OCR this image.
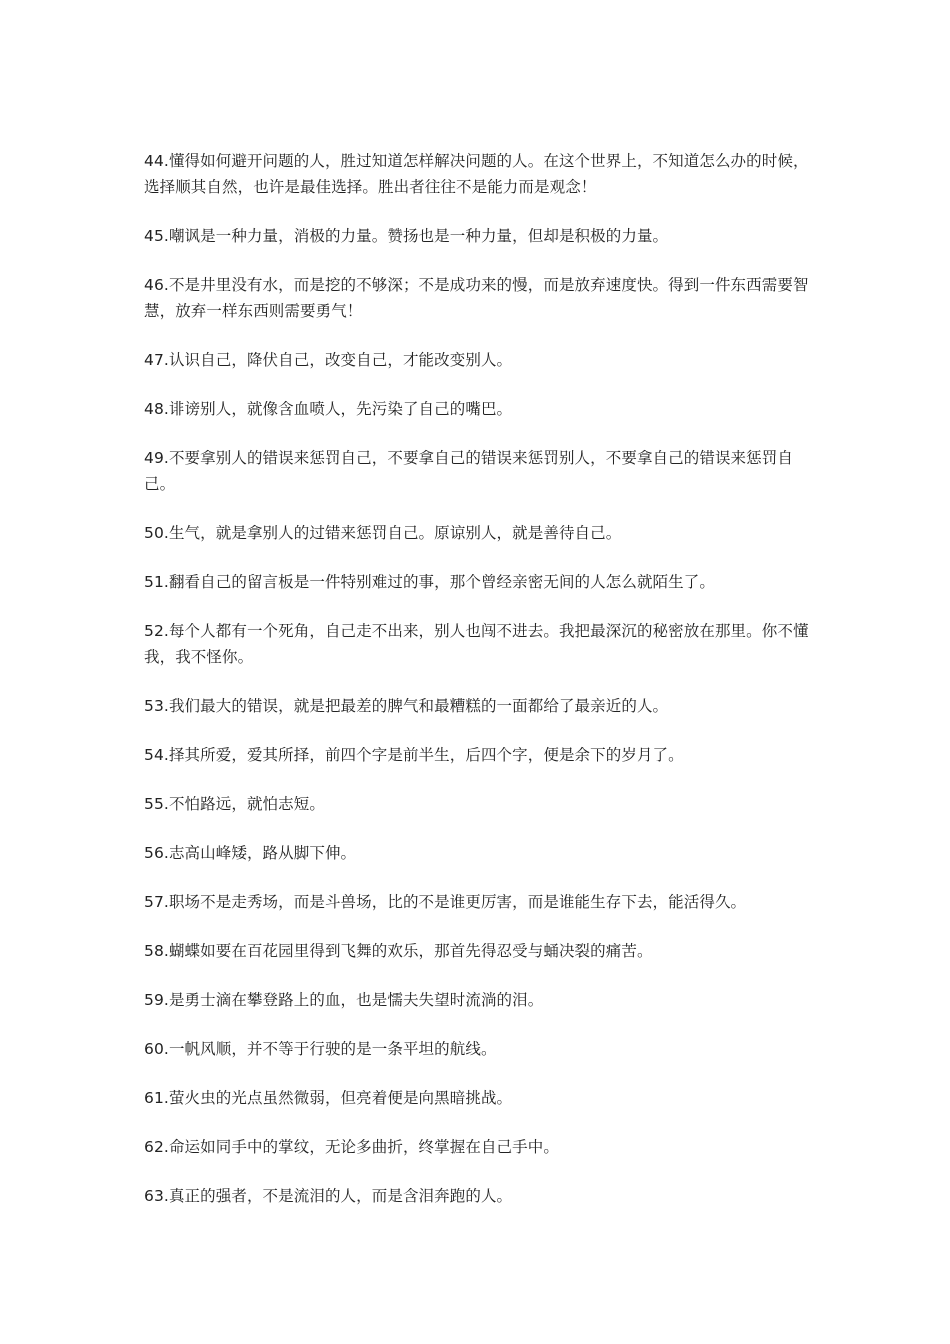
44.懂得如何避开问题的人，胜过知道怎样解决问题的人。在这个世界上，不知道怎么办的时候，选择顺其自然，也许是最佳选择。胜出者往往不是能力而是观念！

45.嘲讽是一种力量，消极的力量。赞扬也是一种力量，但却是积极的力量。

46.不是井里没有水，而是挖的不够深；不是成功来的慢，而是放弃速度快。得到一件东西需要智慧，放弃一样东西则需要勇气！

47.认识自己，降伏自己，改变自己，才能改变别人。

48.诽谤别人，就像含血喷人，先污染了自己的嘴巴。

49.不要拿别人的错误来惩罚自己，不要拿自己的错误来惩罚别人，不要拿自己的错误来惩罚自己。

50.生气，就是拿别人的过错来惩罚自己。原谅别人，就是善待自己。

51.翻看自己的留言板是一件特别难过的事，那个曾经亲密无间的人怎么就陌生了。

52.每个人都有一个死角，自己走不出来，别人也闯不进去。我把最深沉的秘密放在那里。你不懂我，我不怪你。

53.我们最大的错误，就是把最差的脾气和最糟糕的一面都给了最亲近的人。

54.择其所爱，爱其所择，前四个字是前半生，后四个字，便是余下的岁月了。

55.不怕路远，就怕志短。

56.志高山峰矮，路从脚下伸。

57.职场不是走秀场，而是斗兽场，比的不是谁更厉害，而是谁能生存下去，能活得久。

58.蝴蝶如要在百花园里得到飞舞的欢乐，那首先得忍受与蛹决裂的痛苦。

59.是勇士滴在攀登路上的血，也是懦夫失望时流淌的泪。

60.一帆风顺，并不等于行驶的是一条平坦的航线。

61.萤火虫的光点虽然微弱，但亮着便是向黑暗挑战。

62.命运如同手中的掌纹，无论多曲折，终掌握在自己手中。

63.真正的强者，不是流泪的人，而是含泪奔跑的人。
